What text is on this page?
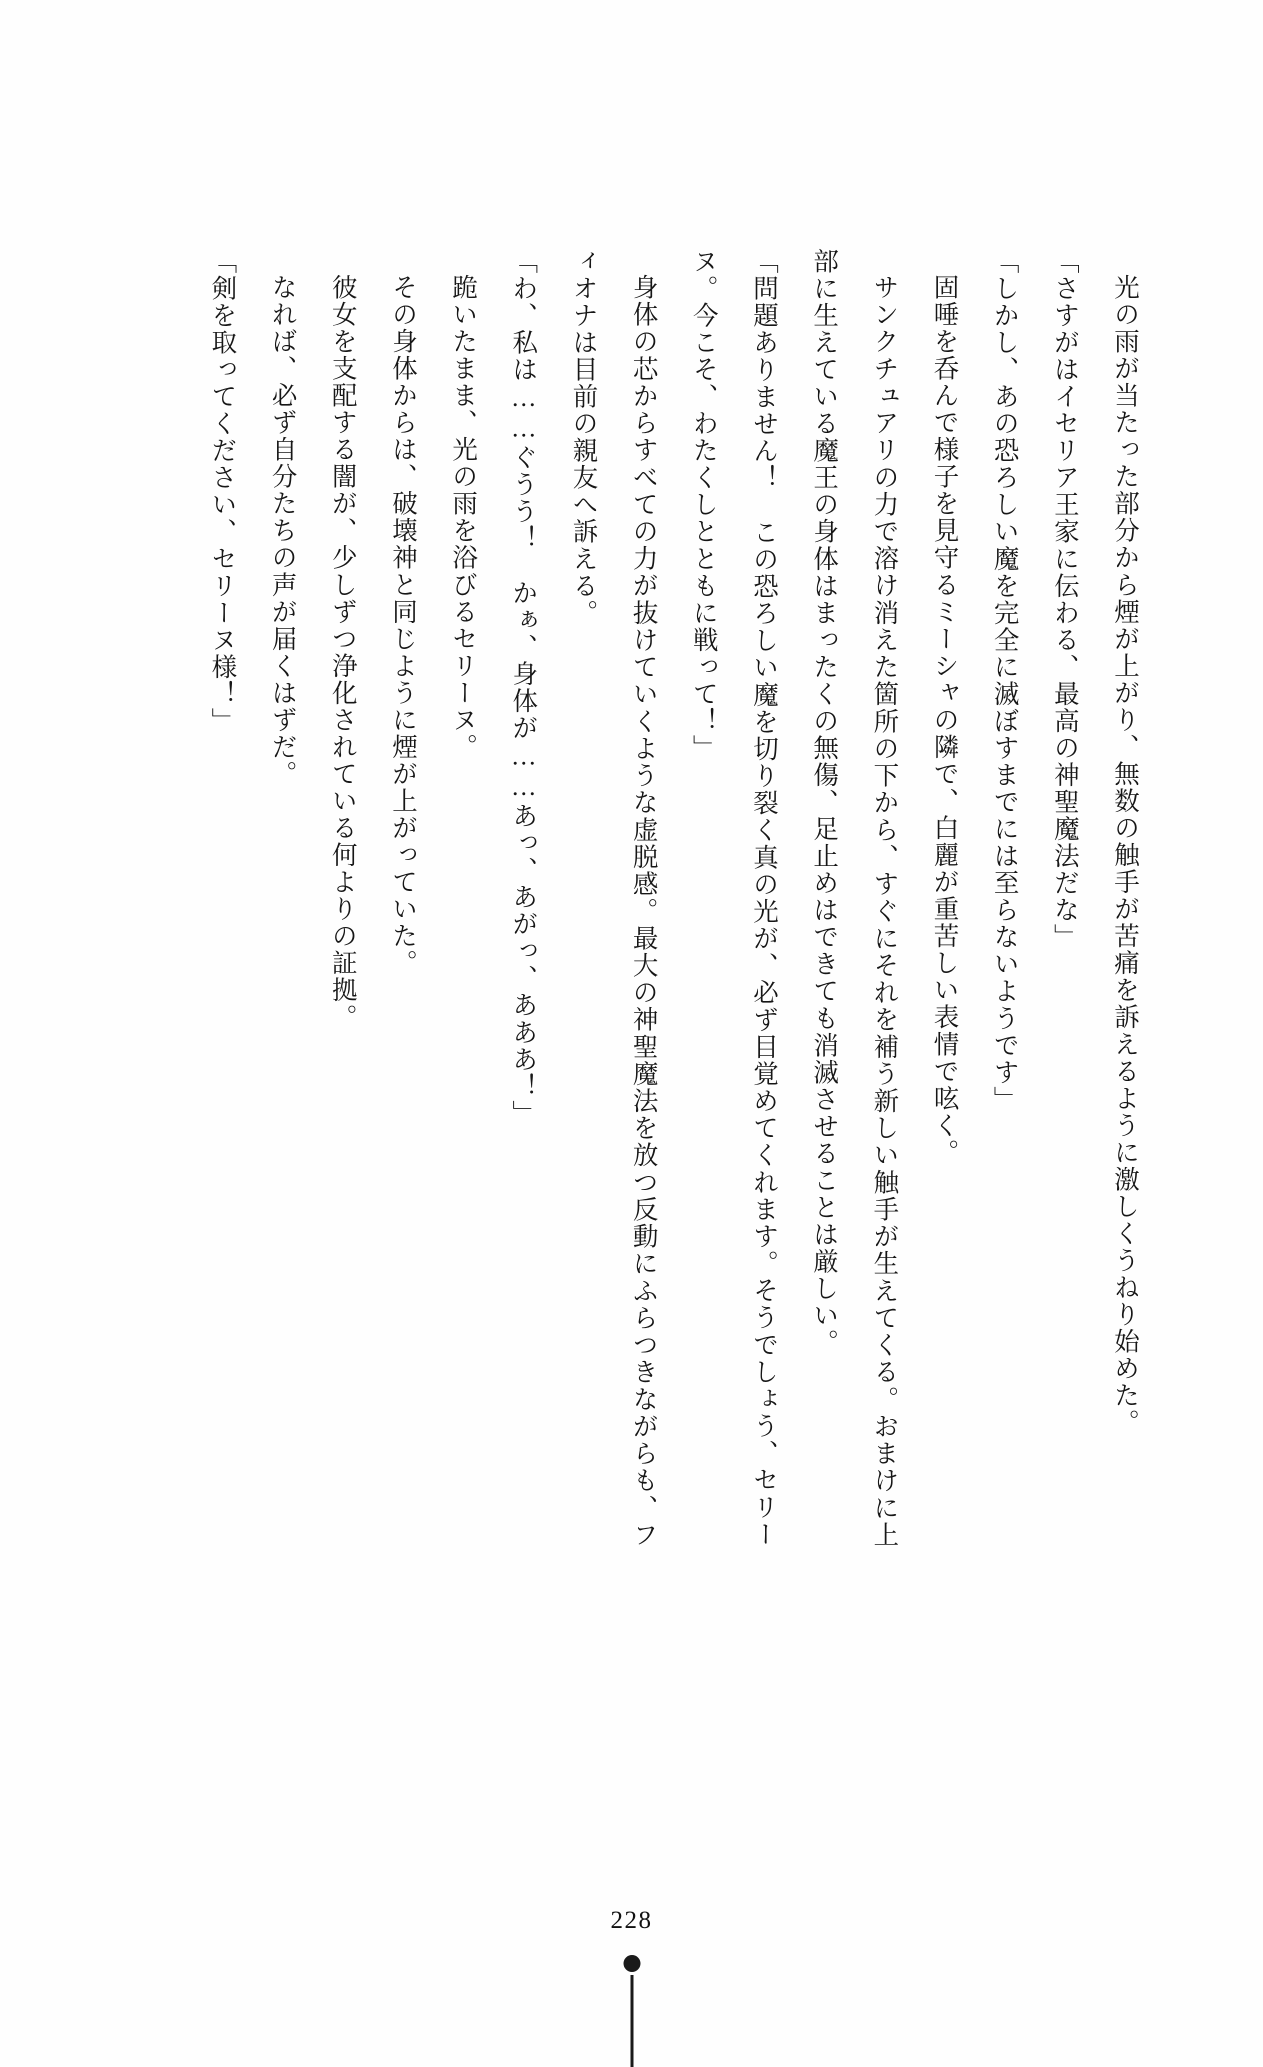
光の雨が当たった部分から煙が上がり、無数の触手が苦痛を訴えるように激しくうねり始めた。

「さすがはイセリア王家に伝わる、最高の神聖魔法だな」

「しかし、あの恐ろしい魔を完全に滅ぼすまでには至らないようです」

固唾を呑んで様子を見守るミーシャの隣で、白麗が重苦しい表情で呟く。

サンクチュアリの力で溶け消えた箇所の下から、すぐにそれを補う新しい触手が生えてくる。おまけに上部に生えている魔王の身体はまったくの無傷、足止めはできても消滅させることは厳しい。

「問題ありません！　この恐ろしい魔を切り裂く真の光が、必ず目覚めてくれます。そうでしょう、セリーヌ。今こそ、わたくしとともに戦って！」

身体の芯からすべての力が抜けていくような虚脱感。最大の神聖魔法を放つ反動にふらつきながらも、フィオナは目前の親友へ訴える。

「わ、私は……ぐうう！　かぁ、身体が……あっ、あがっ、あああ！」

跪いたまま、光の雨を浴びるセリーヌ。

その身体からは、破壊神と同じように煙が上がっていた。

彼女を支配する闇が、少しずつ浄化されている何よりの証拠。

なれば、必ず自分たちの声が届くはずだ。

「剣を取ってください、セリーヌ様！」

228
